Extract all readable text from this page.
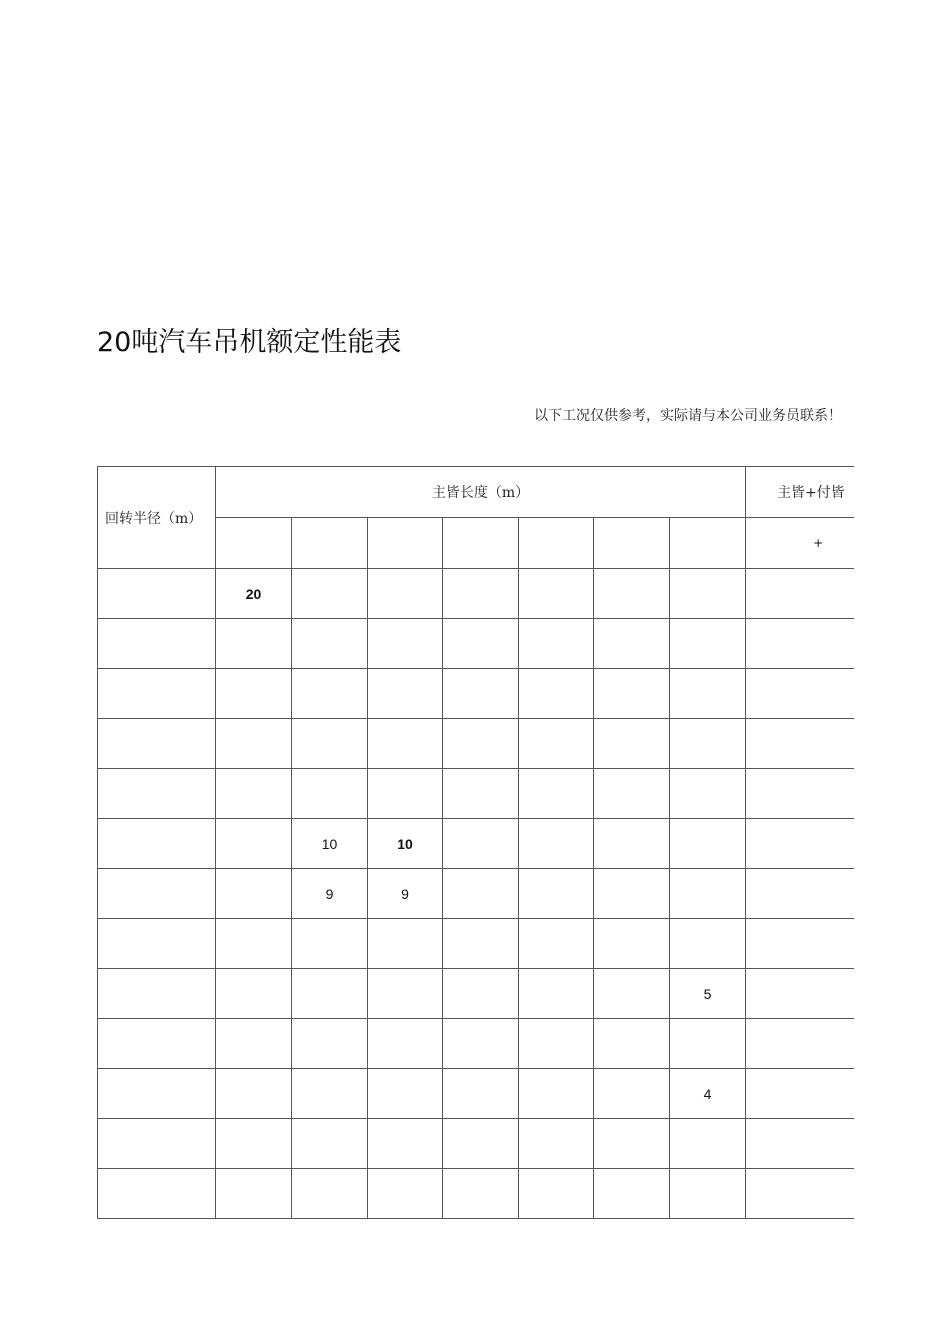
20吨汽车吊机额定性能表
以下工况仅供参考，实际请与本公司业务员联系！
回转半径（m）	主皆长度（m）							主皆+付皆
								+
	20							

		10	10					
		9	9					

							5	

							4	
